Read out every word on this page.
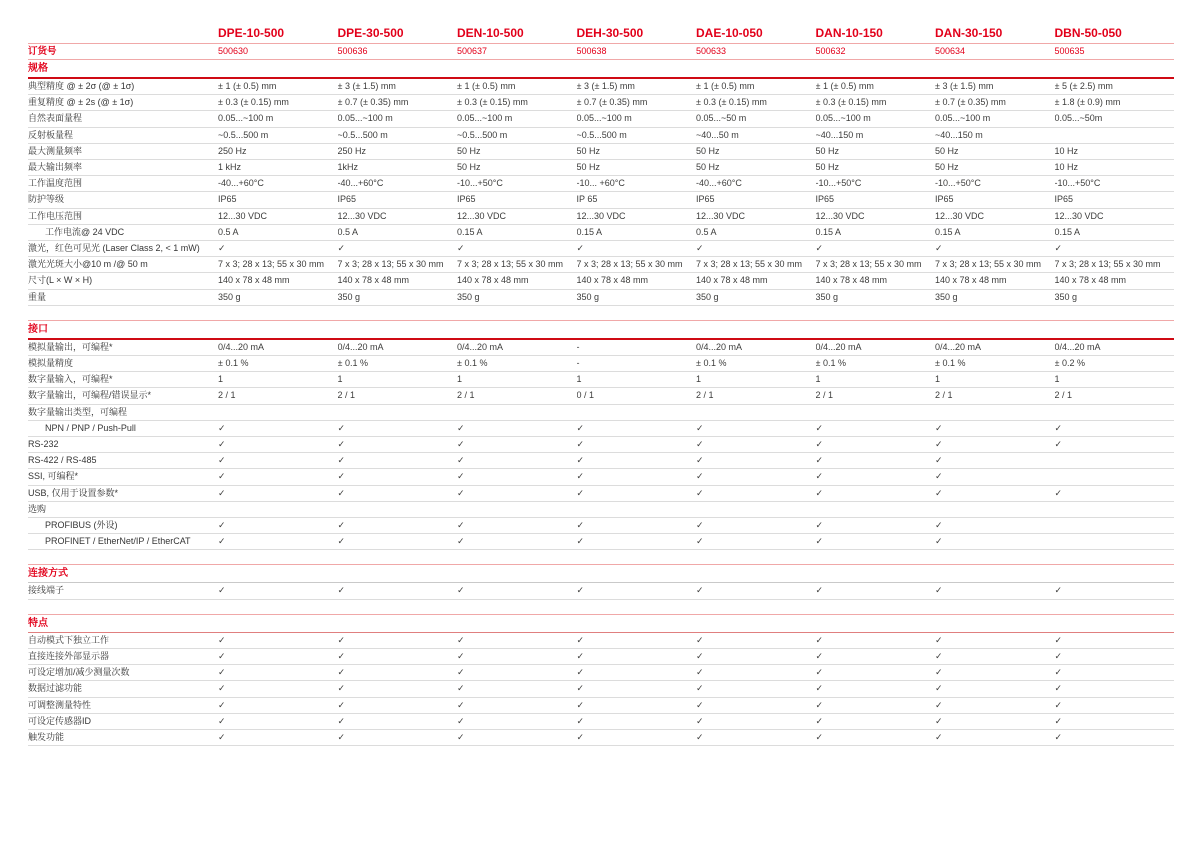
DPE-10-500	DPE-30-500	DEN-10-500	DEH-30-500	DAE-10-050	DAN-10-150	DAN-30-150	DBN-50-050
订货号	500630	500636	500637	500638	500633	500632	500634	500635
规格
典型精度 @ ± 2σ (@ ± 1σ)	± 1 (± 0.5) mm	± 3 (± 1.5) mm	± 1 (± 0.5) mm	± 3 (± 1.5) mm	± 1 (± 0.5) mm	± 1 (± 0.5) mm	± 3 (± 1.5) mm	± 5 (± 2.5) mm
重复精度 @ ± 2s (@ ± 1σ)	± 0.3 (± 0.15) mm	± 0.7 (± 0.35) mm	± 0.3 (± 0.15) mm	± 0.7 (± 0.35) mm	± 0.3 (± 0.15) mm	± 0.3 (± 0.15) mm	± 0.7 (± 0.35) mm	± 1.8 (± 0.9) mm
自然表面量程	0.05...~100 m	0.05...~100 m	0.05...~100 m	0.05...~100 m	0.05...~50 m	0.05...~100 m	0.05...~100 m	0.05...~50m
反射板量程	~0.5...500 m	~0.5...500 m	~0.5...500 m	~0.5...500 m	~40...50 m	~40...150 m	~40...150 m
最大测量频率	250 Hz	250 Hz	50 Hz	50 Hz	50 Hz	50 Hz	50 Hz	10 Hz
最大输出频率	1 kHz	1kHz	50 Hz	50 Hz	50 Hz	50 Hz	50 Hz	10 Hz
工作温度范围	-40...+60°C	-40...+60°C	-10...+50°C	-10... +60°C	-40...+60°C	-10...+50°C	-10...+50°C	-10...+50°C
防护等级	IP65	IP65	IP65	IP 65	IP65	IP65	IP65	IP65
工作电压范围	12...30 VDC	12...30 VDC	12...30 VDC	12...30 VDC	12...30 VDC	12...30 VDC	12...30 VDC	12...30 VDC
工作电流@ 24 VDC	0.5 A	0.5 A	0.15 A	0.15 A	0.5 A	0.15 A	0.15 A	0.15 A
激光，红色可见光 (Laser Class 2, < 1 mW)	✓	✓	✓	✓	✓	✓	✓	✓
激光光斑大小@10 m /@ 50 m	7 x 3; 28 x 13; 55 x 30 mm	7 x 3; 28 x 13; 55 x 30 mm	7 x 3; 28 x 13; 55 x 30 mm	7 x 3; 28 x 13; 55 x 30 mm	7 x 3; 28 x 13; 55 x 30 mm	7 x 3; 28 x 13; 55 x 30 mm	7 x 3; 28 x 13; 55 x 30 mm	7 x 3; 28 x 13; 55 x 30 mm
尺寸(L × W × H)	140 x 78 x 48 mm	140 x 78 x 48 mm	140 x 78 x 48 mm	140 x 78 x 48 mm	140 x 78 x 48 mm	140 x 78 x 48 mm	140 x 78 x 48 mm	140 x 78 x 48 mm
重量	350 g	350 g	350 g	350 g	350 g	350 g	350 g	350 g
接口
模拟量输出，可编程*	0/4...20 mA	0/4...20 mA	0/4...20 mA	-	0/4...20 mA	0/4...20 mA	0/4...20 mA	0/4...20 mA
模拟量精度	± 0.1 %	± 0.1 %	± 0.1 %	-	± 0.1 %	± 0.1 %	± 0.1 %	± 0.2 %
数字量输入，可编程*	1	1	1	1	1	1	1	1
数字量输出，可编程/错误显示*	2 / 1	2 / 1	2 / 1	0 / 1	2 / 1	2 / 1	2 / 1	2 / 1
数字量输出类型，可编程
NPN / PNP / Push-Pull	✓	✓	✓	✓	✓	✓	✓	✓
RS-232	✓	✓	✓	✓	✓	✓	✓	✓
RS-422 / RS-485	✓	✓	✓	✓	✓	✓	✓
SSI, 可编程*	✓	✓	✓	✓	✓	✓	✓
USB, 仅用于设置参数*	✓	✓	✓	✓	✓	✓	✓	✓
选购
PROFIBUS (外设)	✓	✓	✓	✓	✓	✓	✓
PROFINET / EtherNet/IP / EtherCAT	✓	✓	✓	✓	✓	✓	✓
连接方式
接线端子	✓	✓	✓	✓	✓	✓	✓	✓
特点
自动模式下独立工作	✓	✓	✓	✓	✓	✓	✓	✓
直接连接外部显示器	✓	✓	✓	✓	✓	✓	✓	✓
可设定增加/减少测量次数	✓	✓	✓	✓	✓	✓	✓	✓
数据过滤功能	✓	✓	✓	✓	✓	✓	✓	✓
可调整测量特性	✓	✓	✓	✓	✓	✓	✓	✓
可设定传感器ID	✓	✓	✓	✓	✓	✓	✓	✓
触发功能	✓	✓	✓	✓	✓	✓	✓	✓
